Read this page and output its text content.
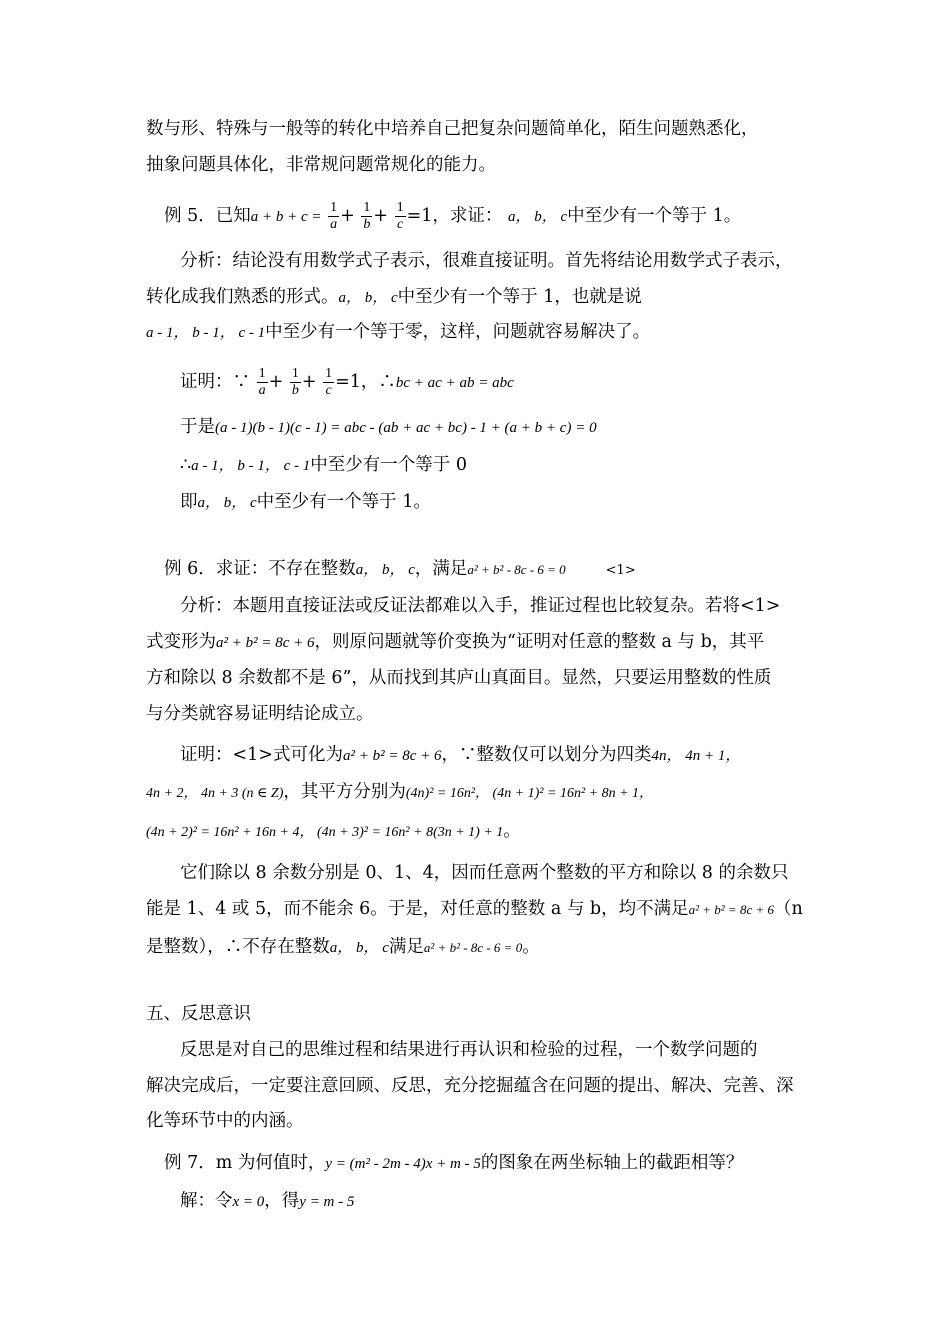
数与形、特殊与一般等的转化中培养自己把复杂问题简单化，陌生问题熟悉化，
抽象问题具体化，非常规问题常规化的能力。
例 5．已知$a + b + c = \frac{1}{a} + \frac{1}{b} + \frac{1}{c} =1$，求证： a， b， c中至少有一个等于 1。
分析：结论没有用数学式子表示，很难直接证明。首先将结论用数学式子表示，
转化成我们熟悉的形式。a， b， c中至少有一个等于 1，也就是说
a - 1， b - 1， c - 1中至少有一个等于零，这样，问题就容易解决了。
证明：∵ $\frac{1}{a} + \frac{1}{b} + \frac{1}{c} =1$，∴bc + ac + ab = abc
于是(a - 1)(b - 1)(c - 1) = abc - (ab + ac + bc) - 1 + (a + b + c) = 0
∴a - 1， b - 1， c - 1中至少有一个等于 0
即a， b， c中至少有一个等于 1。
例 6．求证：不存在整数a， b， c，满足a² + b² - 8c - 6 = 0	<1>
分析：本题用直接证法或反证法都难以入手，推证过程也比较复杂。若将<1>
式变形为a² + b² = 8c + 6，则原问题就等价变换为“证明对任意的整数 a 与 b，其平
方和除以 8 余数都不是 6”，从而找到其庐山真面目。显然，只要运用整数的性质
与分类就容易证明结论成立。
证明：<1>式可化为a² + b² = 8c + 6，∵整数仅可以划分为四类4n， 4n + 1，
4n + 2， 4n + 3 (n ∈ Z)，其平方分别为(4n)² = 16n²， (4n + 1)² = 16n² + 8n + 1，
(4n + 2)² = 16n² + 16n + 4， (4n + 3)² = 16n² + 8(3n + 1) + 1。
它们除以 8 余数分别是 0、1、4，因而任意两个整数的平方和除以 8 的余数只
能是 1、4 或 5，而不能余 6。于是，对任意的整数 a 与 b，均不满足a² + b² = 8c + 6（n
是整数），∴不存在整数a， b， c满足a² + b² - 8c - 6 = 0。
五、反思意识
反思是对自己的思维过程和结果进行再认识和检验的过程，一个数学问题的
解决完成后，一定要注意回顾、反思，充分挖掘蕴含在问题的提出、解决、完善、深
化等环节中的内涵。
例 7．m 为何值时，y = (m² - 2m - 4)x + m - 5的图象在两坐标轴上的截距相等？
解：令x = 0，得y = m - 5
